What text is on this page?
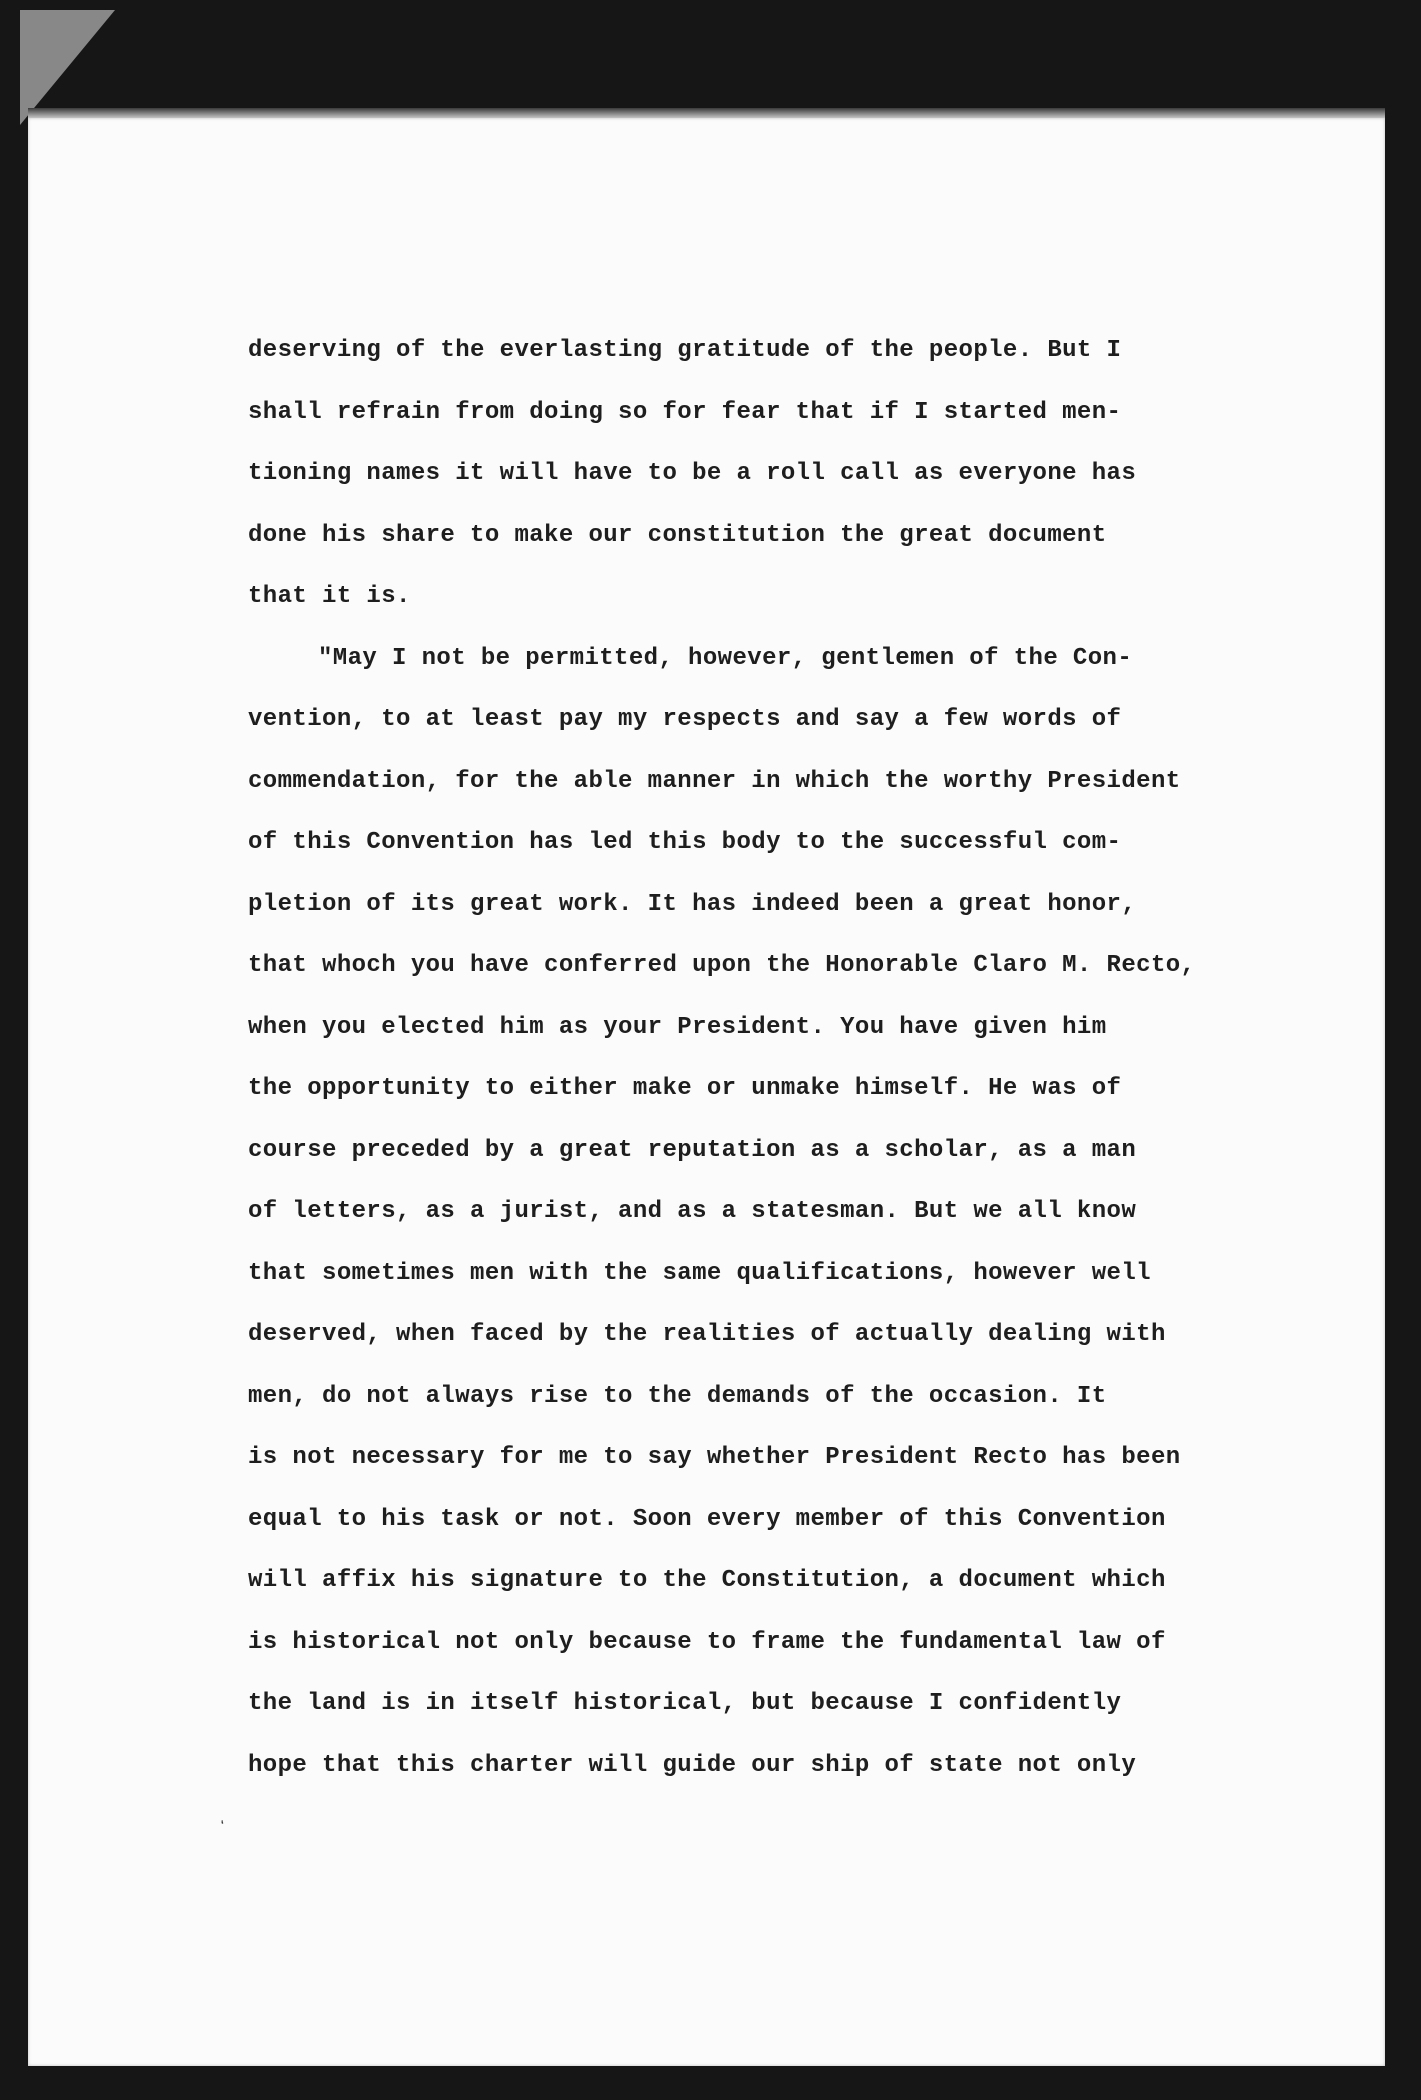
deserving of the everlasting gratitude of the people. But I
shall refrain from doing so for fear that if I started men-
tioning names it will have to be a roll call as everyone has
done his share to make our constitution the great document
that it is.
"May I not be permitted, however, gentlemen of the Con-
vention, to at least pay my respects and say a few words of
commendation, for the able manner in which the worthy President
of this Convention has led this body to the successful com-
pletion of its great work. It has indeed been a great honor,
that whoch you have conferred upon the Honorable Claro M. Recto,
when you elected him as your President. You have given him
the opportunity to either make or unmake himself. He was of
course preceded by a great reputation as a scholar, as a man
of letters, as a jurist, and as a statesman. But we all know
that sometimes men with the same qualifications, however well
deserved, when faced by the realities of actually dealing with
men, do not always rise to the demands of the occasion. It
is not necessary for me to say whether President Recto has been
equal to his task or not. Soon every member of this Convention
will affix his signature to the Constitution, a document which
is historical not only because to frame the fundamental law of
the land is in itself historical, but because I confidently
hope that this charter will guide our ship of state not only
‘
